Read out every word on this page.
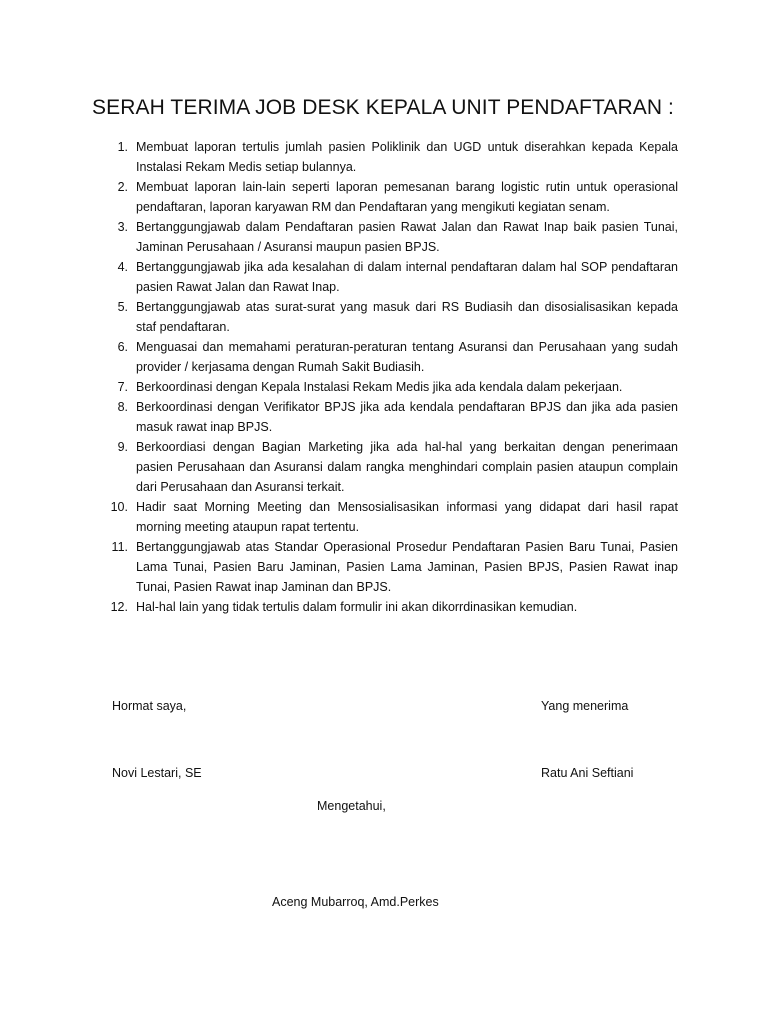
SERAH TERIMA JOB DESK KEPALA UNIT PENDAFTARAN :
1. Membuat laporan tertulis jumlah pasien Poliklinik dan UGD untuk diserahkan kepada Kepala Instalasi Rekam Medis setiap bulannya.
2. Membuat laporan lain-lain seperti laporan pemesanan barang logistic rutin untuk operasional pendaftaran, laporan karyawan RM dan Pendaftaran yang mengikuti kegiatan senam.
3. Bertanggungjawab dalam Pendaftaran pasien Rawat Jalan dan Rawat Inap baik pasien Tunai, Jaminan Perusahaan / Asuransi maupun pasien BPJS.
4. Bertanggungjawab jika ada kesalahan di dalam internal pendaftaran dalam hal SOP pendaftaran pasien Rawat Jalan dan Rawat Inap.
5. Bertanggungjawab atas surat-surat yang masuk dari RS Budiasih dan disosialisasikan kepada staf pendaftaran.
6. Menguasai dan memahami peraturan-peraturan tentang Asuransi dan Perusahaan yang sudah provider / kerjasama dengan Rumah Sakit Budiasih.
7. Berkoordinasi dengan Kepala Instalasi Rekam Medis jika ada kendala dalam pekerjaan.
8. Berkoordinasi dengan Verifikator BPJS jika ada kendala pendaftaran BPJS dan jika ada pasien masuk rawat inap BPJS.
9. Berkoordiasi dengan Bagian Marketing jika ada hal-hal yang berkaitan dengan penerimaan pasien Perusahaan dan Asuransi dalam rangka menghindari complain pasien ataupun complain dari Perusahaan dan Asuransi terkait.
10. Hadir saat Morning Meeting dan Mensosialisasikan informasi yang didapat dari hasil rapat morning meeting ataupun rapat tertentu.
11. Bertanggungjawab atas Standar Operasional Prosedur Pendaftaran Pasien Baru Tunai, Pasien Lama Tunai, Pasien Baru Jaminan, Pasien Lama Jaminan, Pasien BPJS, Pasien Rawat inap Tunai, Pasien Rawat inap Jaminan dan BPJS.
12. Hal-hal lain yang tidak tertulis dalam formulir ini akan dikorrdinasikan kemudian.
Hormat saya,	Yang menerima
Novi Lestari, SE	Ratu Ani Seftiani
Mengetahui,
Aceng Mubarroq, Amd.Perkes
